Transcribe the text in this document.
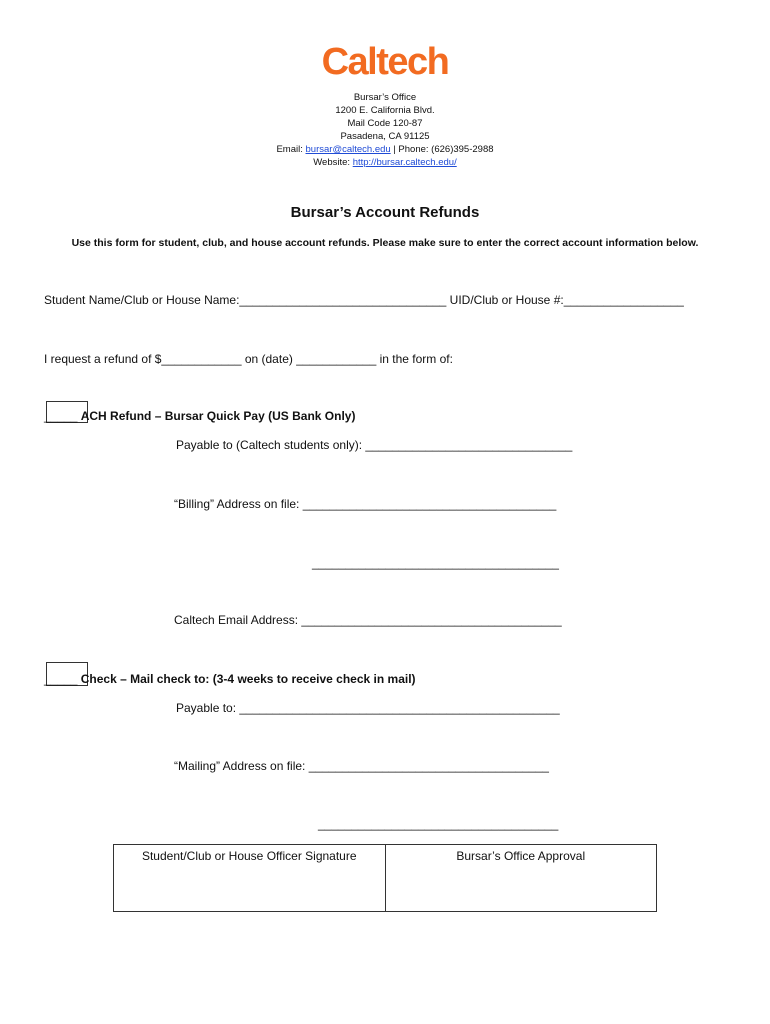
Caltech
Bursar’s Office
1200 E. California Blvd.
Mail Code 120-87
Pasadena, CA 91125
Email: bursar@caltech.edu | Phone: (626)395-2988
Website: http://bursar.caltech.edu/
Bursar’s Account Refunds
Use this form for student, club, and house account refunds. Please make sure to enter the correct account information below.
Student Name/Club or House Name:_______________________________ UID/Club or House #:__________________
I request a refund of $____________ on (date) ____________ in the form of:
_____ ACH Refund – Bursar Quick Pay (US Bank Only)
Payable to (Caltech students only): _______________________________
“Billing” Address on file: ______________________________________
_____________________________________
Caltech Email Address: _______________________________________
_____ Check – Mail check to: (3-4 weeks to receive check in mail)
Payable to: ________________________________________________
“Mailing” Address on file: ____________________________________
____________________________________
Student/Club or House Officer Signature	Bursar’s Office Approval
